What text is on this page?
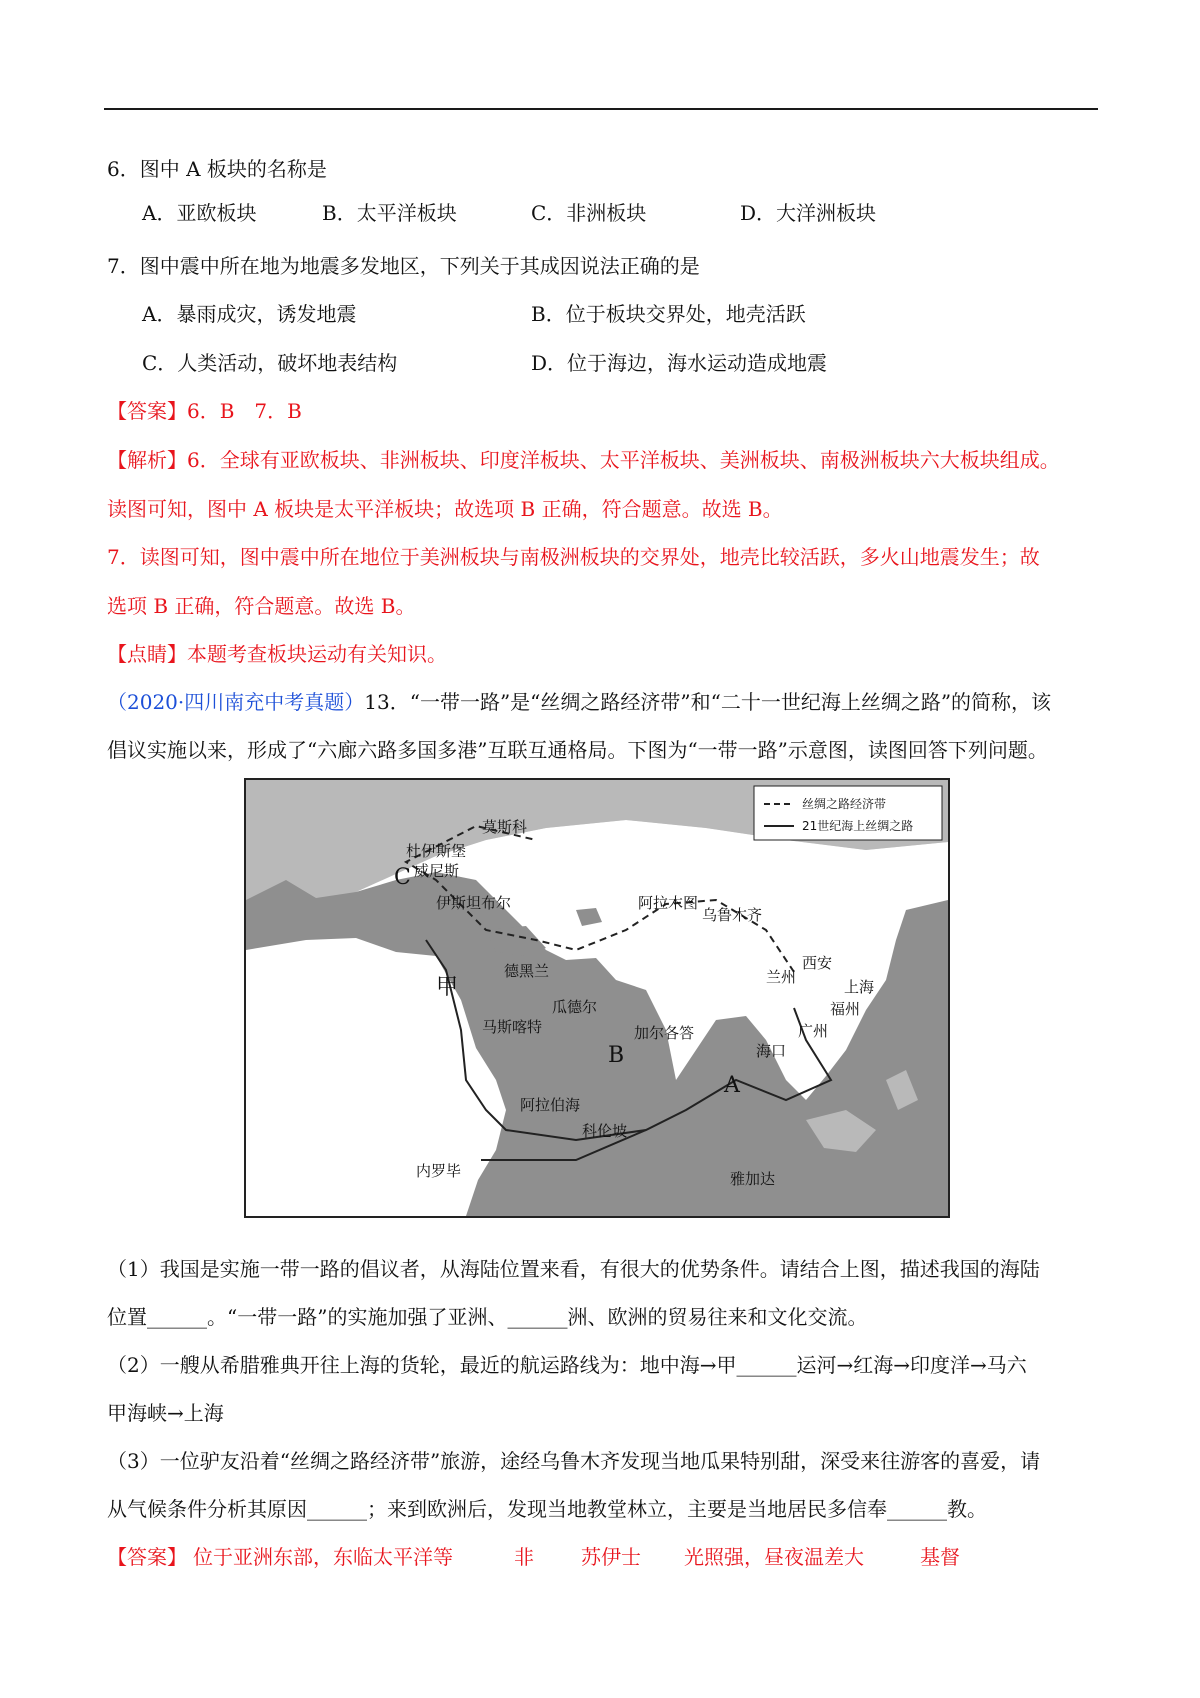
6．图中 A 板块的名称是
A．亚欧板块	B．太平洋板块	C．非洲板块	D．大洋洲板块
7．图中震中所在地为地震多发地区，下列关于其成因说法正确的是
A．暴雨成灾，诱发地震	B．位于板块交界处，地壳活跃
C．人类活动，破坏地表结构	D．位于海边，海水运动造成地震
【答案】6．B　7．B
【解析】6．全球有亚欧板块、非洲板块、印度洋板块、太平洋板块、美洲板块、南极洲板块六大板块组成。
读图可知，图中 A 板块是太平洋板块；故选项 B 正确，符合题意。故选 B。
7．读图可知，图中震中所在地位于美洲板块与南极洲板块的交界处，地壳比较活跃，多火山地震发生；故
选项 B 正确，符合题意。故选 B。
【点睛】本题考查板块运动有关知识。
（2020·四川南充中考真题）13．“一带一路”是“丝绸之路经济带”和“二十一世纪海上丝绸之路”的简称，该
倡议实施以来，形成了“六廊六路多国多港”互联互通格局。下图为“一带一路”示意图，读图回答下列问题。
丝绸之路经济带
21世纪海上丝绸之路
莫斯科
杜伊斯堡
威尼斯
伊斯坦布尔	阿拉木图
乌鲁木齐
德黑兰	西安
兰州
上海
福州
广州
海口
瓜德尔
马斯喀特	加尔各答
阿拉伯海
科伦坡
内罗毕	雅加达
C
甲
B
A
（1）我国是实施一带一路的倡议者，从海陆位置来看，有很大的优势条件。请结合上图，描述我国的海陆
位置______。“一带一路”的实施加强了亚洲、______洲、欧洲的贸易往来和文化交流。
（2）一艘从希腊雅典开往上海的货轮，最近的航运路线为：地中海→甲______运河→红海→印度洋→马六
甲海峡→上海
（3）一位驴友沿着“丝绸之路经济带”旅游，途经乌鲁木齐发现当地瓜果特别甜，深受来往游客的喜爱，请
从气候条件分析其原因______；来到欧洲后，发现当地教堂林立，主要是当地居民多信奉______教。
【答案】 位于亚洲东部，东临太平洋等	非 苏伊士 光照强，昼夜温差大	基督
